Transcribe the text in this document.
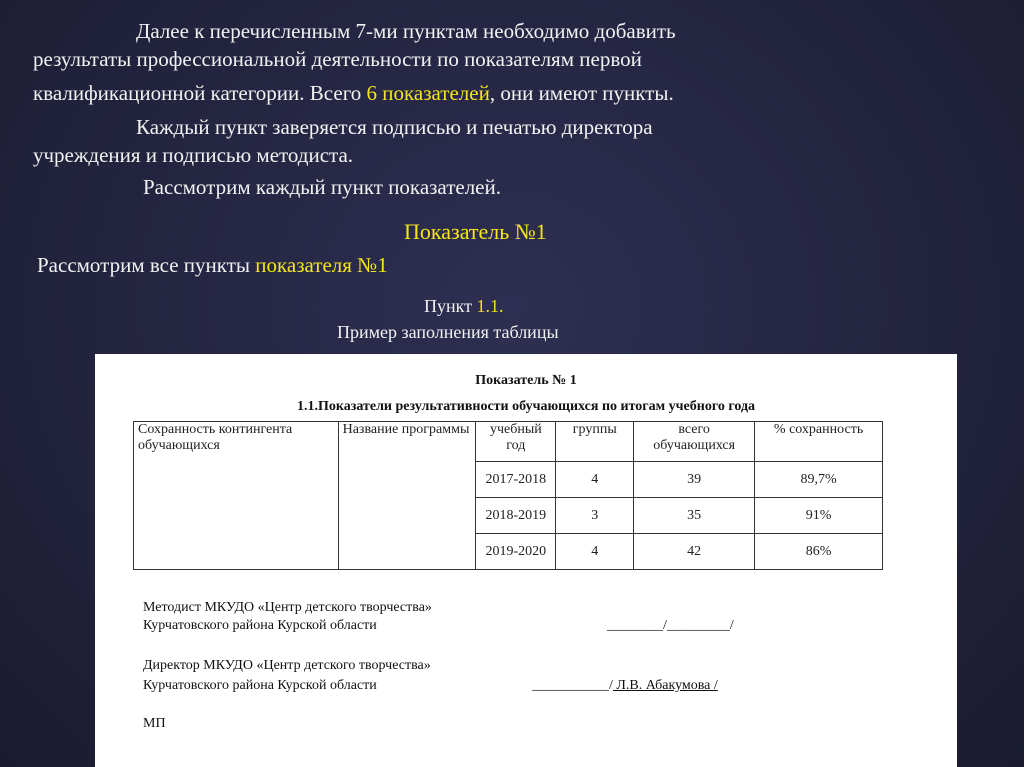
Далее к перечисленным 7-ми пунктам необходимо добавить
результаты профессиональной деятельности по показателям первой
квалификационной категории. Всего 6 показателей, они имеют пункты.
Каждый пункт заверяется подписью и печатью директора
учреждения и подписью методиста.
Рассмотрим каждый пункт показателей.
Показатель №1
Рассмотрим все пункты показателя №1
Пункт 1.1.
Пример заполнения таблицы
Показатель № 1
1.1.Показатели результативности обучающихся по итогам учебного года
Сохранность контингента обучающихся	Название программы	учебный год	группы	всего обучающихся	% сохранность
		2017-2018	4	39	89,7%
		2018-2019	3	35	91%
		2019-2020	4	42	86%
Методист МКУДО «Центр детского творчества»
Курчатовского района Курской области	________/_________/
Директор МКУДО «Центр детского творчества»
Курчатовского района Курской области	___________/ Л.В. Абакумова /
МП
